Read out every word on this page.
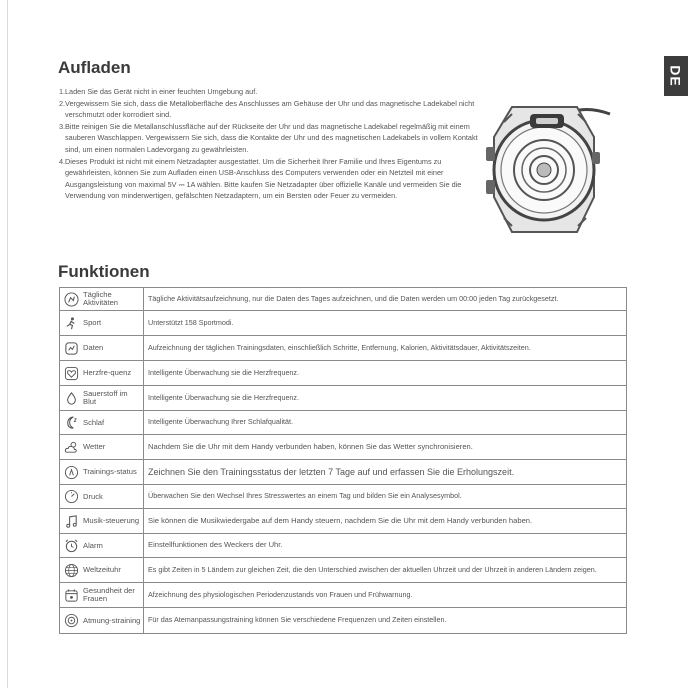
DE
Aufladen
1. Laden Sie das Gerät nicht in einer feuchten Umgebung auf.
2. Vergewissern Sie sich, dass die Metalloberfläche des Anschlusses am Gehäuse der Uhr und das magnetische Ladekabel nicht verschmutzt oder korrodiert sind.
3. Bitte reinigen Sie die Metallanschlussfläche auf der Rückseite der Uhr und das magnetische Ladekabel regelmäßig mit einem sauberen Waschlappen. Vergewissern Sie sich, dass die Kontakte der Uhr und des magnetischen Ladekabels in vollem Kontakt sind, um einen normalen Ladevorgang zu gewährleisten.
4. Dieses Produkt ist nicht mit einem Netzadapter ausgestattet. Um die Sicherheit Ihrer Familie und Ihres Eigentums zu gewährleisten, können Sie zum Aufladen einen USB-Anschluss des Computers verwenden oder ein Netzteil mit einer Ausgangsleistung von maximal 5V ⎓ 1A wählen. Bitte kaufen Sie Netzadapter über offizielle Kanäle und vermeiden Sie die Verwendung von minderwertigen, gefälschten Netzadaptern, um ein Bersten oder Feuer zu vermeiden.
Funktionen
Tägliche Aktivitäten	Tägliche Aktivitätsaufzeichnung, nur die Daten des Tages aufzeichnen, und die Daten werden um 00:00 jeden Tag zurückgesetzt.

Sport	Unterstützt 158 Sportmodi.

Daten	Aufzeichnung der täglichen Trainingsdaten, einschließlich Schritte, Entfernung, Kalorien, Aktivitätsdauer, Aktivitätszeiten.

Herzfre-quenz	Intelligente Überwachung sie die Herzfrequenz.

Sauerstoff im Blut	Intelligente Überwachung sie die Herzfrequenz.

Schlaf	Intelligente Überwachung Ihrer Schlafqualität.

Wetter	Nachdem Sie die Uhr mit dem Handy verbunden haben, können Sie das Wetter synchronisieren.

Trainings-status	Zeichnen Sie den Trainingsstatus der letzten 7 Tage auf und erfassen Sie die Erholungszeit.

Druck	Überwachen Sie den Wechsel Ihres Stresswertes an einem Tag und bilden Sie ein Analysesymbol.

Musik-steuerung	Sie können die Musikwiedergabe auf dem Handy steuern, nachdem Sie die Uhr mit dem Handy verbunden haben.

Alarm	Einstellfunktionen des Weckers der Uhr.

Weltzeituhr	Es gibt Zeiten in 5 Ländern zur gleichen Zeit, die den Unterschied zwischen der aktuellen Uhrzeit und der Uhrzeit in anderen Ländern zeigen.

Gesundheit der Frauen	Afzeichnung des physiologischen Periodenzustands von Frauen und Frühwarnung.

Atmung-straining	Für das Atemanpassungstraining können Sie verschiedene Frequenzen und Zeiten einstellen.
